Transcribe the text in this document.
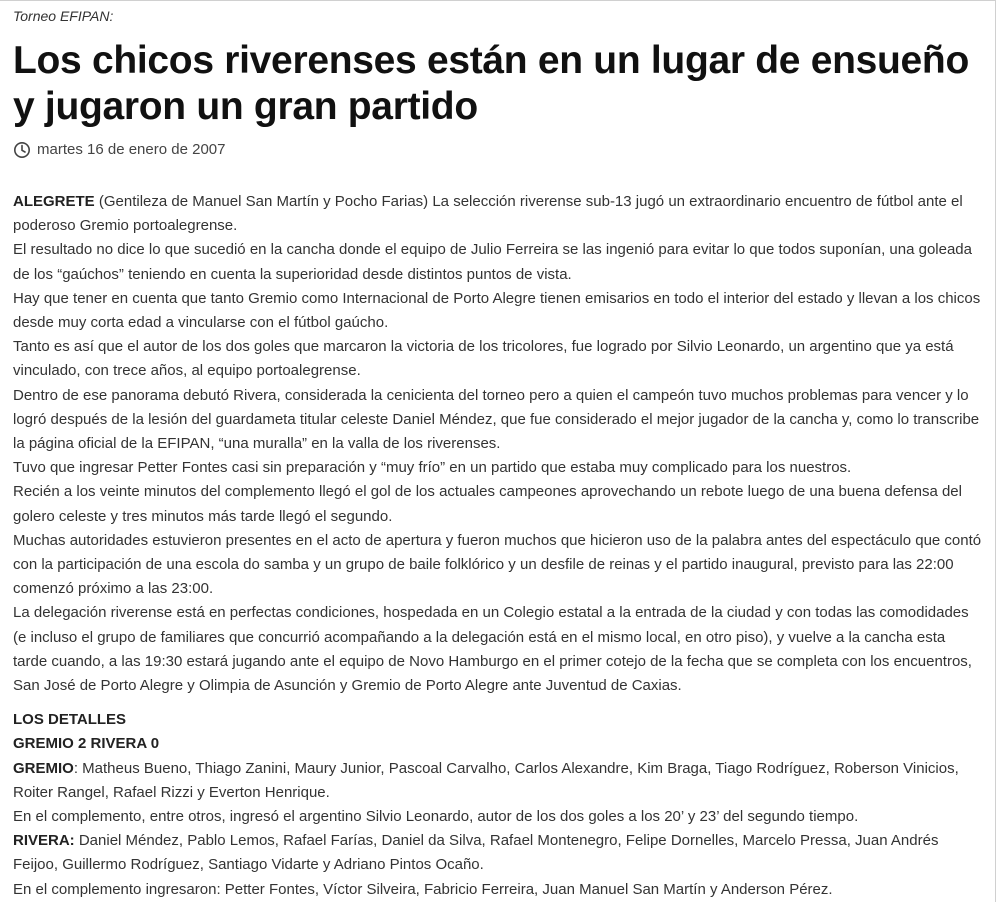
Torneo EFIPAN:
Los chicos riverenses están en un lugar de ensueño y jugaron un gran partido
martes 16 de enero de 2007

ALEGRETE (Gentileza de Manuel San Martín y Pocho Farias) La selección riverense sub-13 jugó un extraordinario encuentro de fútbol ante el poderoso Gremio portoalegrense.

El resultado no dice lo que sucedió en la cancha donde el equipo de Julio Ferreira se las ingenió para evitar lo que todos suponían, una goleada de los “gaúchos” teniendo en cuenta la superioridad desde distintos puntos de vista.

Hay que tener en cuenta que tanto Gremio como Internacional de Porto Alegre tienen emisarios en todo el interior del estado y llevan a los chicos desde muy corta edad a vincularse con el fútbol gaúcho.

Tanto es así que el autor de los dos goles que marcaron la victoria de los tricolores, fue logrado por Silvio Leonardo, un argentino que ya está vinculado, con trece años, al equipo portoalegrense.

Dentro de ese panorama debutó Rivera, considerada la cenicienta del torneo pero a quien el campeón tuvo muchos problemas para vencer y lo logró después de la lesión del guardameta titular celeste Daniel Méndez, que fue considerado el mejor jugador de la cancha y, como lo transcribe la página oficial de la EFIPAN, “una muralla” en la valla de los riverenses.

Tuvo que ingresar Petter Fontes casi sin preparación y “muy frío” en un partido que estaba muy complicado para los nuestros.

Recién a los veinte minutos del complemento llegó el gol de los actuales campeones aprovechando un rebote luego de una buena defensa del golero celeste y tres minutos más tarde llegó el segundo.

Muchas autoridades estuvieron presentes en el acto de apertura y fueron muchos que hicieron uso de la palabra antes del espectáculo que contó con la participación de una escola do samba y un grupo de baile folklórico y un desfile de reinas y el partido inaugural, previsto para las 22:00 comenzó próximo a las 23:00.

La delegación riverense está en perfectas condiciones, hospedada en un Colegio estatal a la entrada de la ciudad y con todas las comodidades (e incluso el grupo de familiares que concurrió acompañando a la delegación está en el mismo local, en otro piso), y vuelve a la cancha esta tarde cuando, a las 19:30 estará jugando ante el equipo de Novo Hamburgo en el primer cotejo de la fecha que se completa con los encuentros, San José de Porto Alegre y Olimpia de Asunción y Gremio de Porto Alegre ante Juventud de Caxias.

LOS DETALLES

GREMIO 2 RIVERA 0

GREMIO: Matheus Bueno, Thiago Zanini, Maury Junior, Pascoal Carvalho, Carlos Alexandre, Kim Braga, Tiago Rodríguez, Roberson Vinicios, Roiter Rangel, Rafael Rizzi y Everton Henrique.

En el complemento, entre otros, ingresó el argentino Silvio Leonardo, autor de los dos goles a los 20’ y 23’ del segundo tiempo.

RIVERA: Daniel Méndez, Pablo Lemos, Rafael Farías, Daniel da Silva, Rafael Montenegro, Felipe Dornelles, Marcelo Pressa, Juan Andrés Feijoo, Guillermo Rodríguez, Santiago Vidarte y Adriano Pintos Ocaño.

En el complemento ingresaron: Petter Fontes, Víctor Silveira, Fabricio Ferreira, Juan Manuel San Martín y Anderson Pérez.
